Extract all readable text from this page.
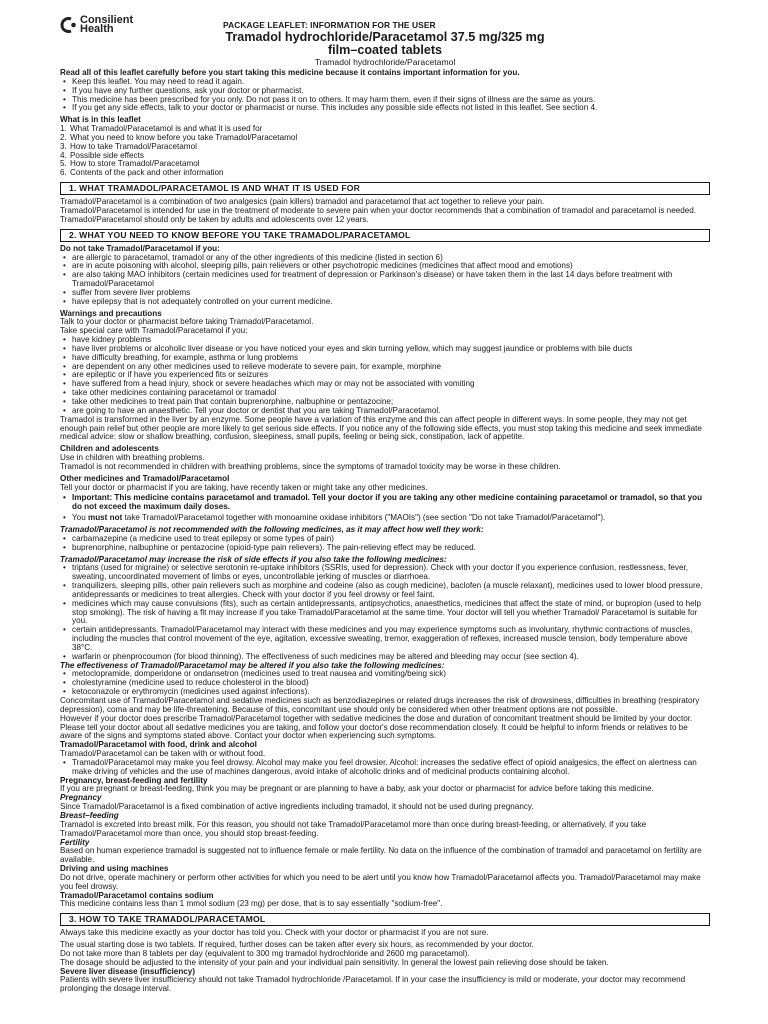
Consilient
Health	PACKAGE LEAFLET: INFORMATION FOR THE USER

Tramadol hydrochloride/Paracetamol 37.5 mg/325 mg

film–coated tablets

Tramadol hydrochloride/Paracetamol

Read all of this leaflet carefully before you start taking this medicine because it contains important information for you.

• Keep this leaflet. You may need to read it again.
• If you have any further questions, ask your doctor or pharmacist.
• This medicine has been prescribed for you only. Do not pass it on to others. It may harm them, even if their signs of illness are the same as yours.
• If you get any side effects, talk to your doctor or pharmacist or nurse. This includes any possible side effects not listed in this leaflet. See section 4.

What is in this leaflet

1. What Tramadol/Paracetamol is and what it is used for
2. What you need to know before you take Tramadol/Paracetamol
3. How to take Tramadol/Paracetamol
4. Possible side effects
5. How to store Tramadol/Paracetamol
6. Contents of the pack and other information
1. WHAT TRAMADOL/PARACETAMOL IS AND WHAT IT IS USED FOR

Tramadol/Paracetamol is a combination of two analgesics (pain killers) tramadol and paracetamol that act together to relieve your pain.

Tramadol/Paracetamol is intended for use in the treatment of moderate to severe pain when your doctor recommends that a combination of tramadol and paracetamol is needed.

Tramadol/Paracetamol should only be taken by adults and adolescents over 12 years.

2. WHAT YOU NEED TO KNOW BEFORE YOU TAKE TRAMADOL/PARACETAMOL

Do not take Tramadol/Paracetamol if you:

• are allergic to paracetamol, tramadol or any of the other ingredients of this medicine (listed in section 6)
• are in acute poisoning with alcohol, sleeping pills, pain relievers or other psychotropic medicines (medicines that affect mood and emotions)
• are also taking MAO inhibitors (certain medicines used for treatment of depression or Parkinson's disease) or have taken them in the last 14 days before treatment with Tramadol/Paracetamol
• suffer from severe liver problems
• have epilepsy that is not adequately controlled on your current medicine.

Warnings and precautions

Talk to your doctor or pharmacist before taking Tramadol/Paracetamol.

Take special care with Tramadol/Paracetamol if you:

• have kidney problems
• have liver problems or alcoholic liver disease or you have noticed your eyes and skin turning yellow, which may suggest jaundice or problems with bile ducts
• have difficulty breathing, for example, asthma or lung problems
• are dependent on any other medicines used to relieve moderate to severe pain, for example, morphine
• are epileptic or if have you experienced fits or seizures
• have suffered from a head injury, shock or severe headaches which may or may not be associated with vomiting
• take other medicines containing paracetamol or tramadol
• take other medicines to treat pain that contain buprenorphine, nalbuphine or pentazocine;
• are going to have an anaesthetic. Tell your doctor or dentist that you are taking Tramadol/Paracetamol.

Tramadol is transformed in the liver by an enzyme. Some people have a variation of this enzyme and this can affect people in different ways. In some people, they may not get enough pain relief but other people are more likely to get serious side effects. If you notice any of the following side effects, you must stop taking this medicine and seek immediate medical advice: slow or shallow breathing, confusion, sleepiness, small pupils, feeling or being sick, constipation, lack of appetite.

Children and adolescents

Use in children with breathing problems.

Tramadol is not recommended in children with breathing problems, since the symptoms of tramadol toxicity may be worse in these children.

Other medicines and Tramadol/Paracetamol

Tell your doctor or pharmacist if you are taking, have recently taken or might take any other medicines.

• Important: This medicine contains paracetamol and tramadol. Tell your doctor if you are taking any other medicine containing paracetamol or tramadol, so that you do not exceed the maximum daily doses.
• You must not take Tramadol/Paracetamol together with monoamine oxidase inhibitors ("MAOIs") (see section "Do not take Tramadol/Paracetamol").

Tramadol/Paracetamol is not recommended with the following medicines, as it may affect how well they work:

• carbamazepine (a medicine used to treat epilepsy or some types of pain)
• buprenorphine, nalbuphine or pentazocine (opioid-type pain relievers). The pain-relieving effect may be reduced.

Tramadol/Paracetamol may increase the risk of side effects if you also take the following medicines:

• triptans (used for migraine) or selective serotonin re-uptake inhibitors (SSRIs, used for depression). Check with your doctor if you experience confusion, restlessness, fever, sweating, uncoordinated movement of limbs or eyes, uncontrollable jerking of muscles or diarrhoea.
• tranquilizers, sleeping pills, other pain relievers such as morphine and codeine (also as cough medicine), baclofen (a muscle relaxant), medicines used to lower blood pressure, antidepressants or medicines to treat allergies. Check with your doctor if you feel drowsy or feel faint.
• medicines which may cause convulsions (fits), such as certain antidepressants, antipsychotics, anaesthetics, medicines that affect the state of mind, or bupropion (used to help stop smoking). The risk of having a fit may increase if you take Tramadol/Paracetamol at the same time. Your doctor will tell you whether Tramadol/ Paracetamol is suitable for you.
• certain antidepressants. Tramadol/Paracetamol may interact with these medicines and you may experience symptoms such as involuntary, rhythmic contractions of muscles, including the muscles that control movement of the eye, agitation, excessive sweating, tremor, exaggeration of reflexes, increased muscle tension, body temperature above 38°C.
• warfarin or phenprocoumon (for blood thinning). The effectiveness of such medicines may be altered and bleeding may occur (see section 4).

The effectiveness of Tramadol/Paracetamol may be altered if you also take the following medicines:

• metoclopramide, domperidone or ondansetron (medicines used to treat nausea and vomiting/being sick)
• cholestyramine (medicine used to reduce cholesterol in the blood)
• ketoconazole or erythromycin (medicines used against infections).

Concomitant use of Tramadol/Paracetamol and sedative medicines such as benzodiazepines or related drugs increases the risk of drowsiness, difficulties in breathing (respiratory depression), coma and may be life-threatening. Because of this, concomitant use should only be considered when other treatment options are not possible.

However if your doctor does prescribe Tramadol/Paracetamol together with sedative medicines the dose and duration of concomitant treatment should be limited by your doctor.

Please tell your doctor about all sedative medicines you are taking, and follow your doctor's dose recommendation closely. It could be helpful to inform friends or relatives to be aware of the signs and symptoms stated above. Contact your doctor when experiencing such symptoms.

Tramadol/Paracetamol with food, drink and alcohol

Tramadol/Paracetamol can be taken with or without food.

• Tramadol/Paracetamol may make you feel drowsy. Alcohol may make you feel drowsier. Alcohol: increases the sedative effect of opioid analgesics, the effect on alertness can make driving of vehicles and the use of machines dangerous, avoid intake of alcoholic drinks and of medicinal products containing alcohol.

Pregnancy, breast-feeding and fertility

If you are pregnant or breast-feeding, think you may be pregnant or are planning to have a baby, ask your doctor or pharmacist for advice before taking this medicine.

Pregnancy

Since Tramadol/Paracetamol is a fixed combination of active ingredients including tramadol, it should not be used during pregnancy.

Breast–feeding

Tramadol is excreted into breast milk. For this reason, you should not take Tramadol/Paracetamol more than once during breast-feeding, or alternatively, if you take Tramadol/Paracetamol more than once, you should stop breast-feeding.

Fertility

Based on human experience tramadol is suggested not to influence female or male fertility. No data on the influence of the combination of tramadol and paracetamol on fertility are available.

Driving and using machines

Do not drive, operate machinery or perform other activities for which you need to be alert until you know how Tramadol/Paracetamol affects you. Tramadol/Paracetamol may make you feel drowsy.

Tramadol/Paracetamol contains sodium

This medicine contains less than 1 mmol sodium (23 mg) per dose, that is to say essentially "sodium-free".

3. HOW TO TAKE TRAMADOL/PARACETAMOL

Always take this medicine exactly as your doctor has told you. Check with your doctor or pharmacist if you are not sure.

The usual starting dose is two tablets. If required, further doses can be taken after every six hours, as recommended by your doctor.

Do not take more than 8 tablets per day (equivalent to 300 mg tramadol hydrochloride and 2600 mg paracetamol).

The dosage should be adjusted to the intensity of your pain and your individual pain sensitivity. In general the lowest pain relieving dose should be taken.

Severe liver disease (insufficiency)

Patients with severe liver insufficiency should not take Tramadol hydrochloride /Paracetamol. If in your case the insufficiency is mild or moderate, your doctor may recommend prolonging the dosage interval.
